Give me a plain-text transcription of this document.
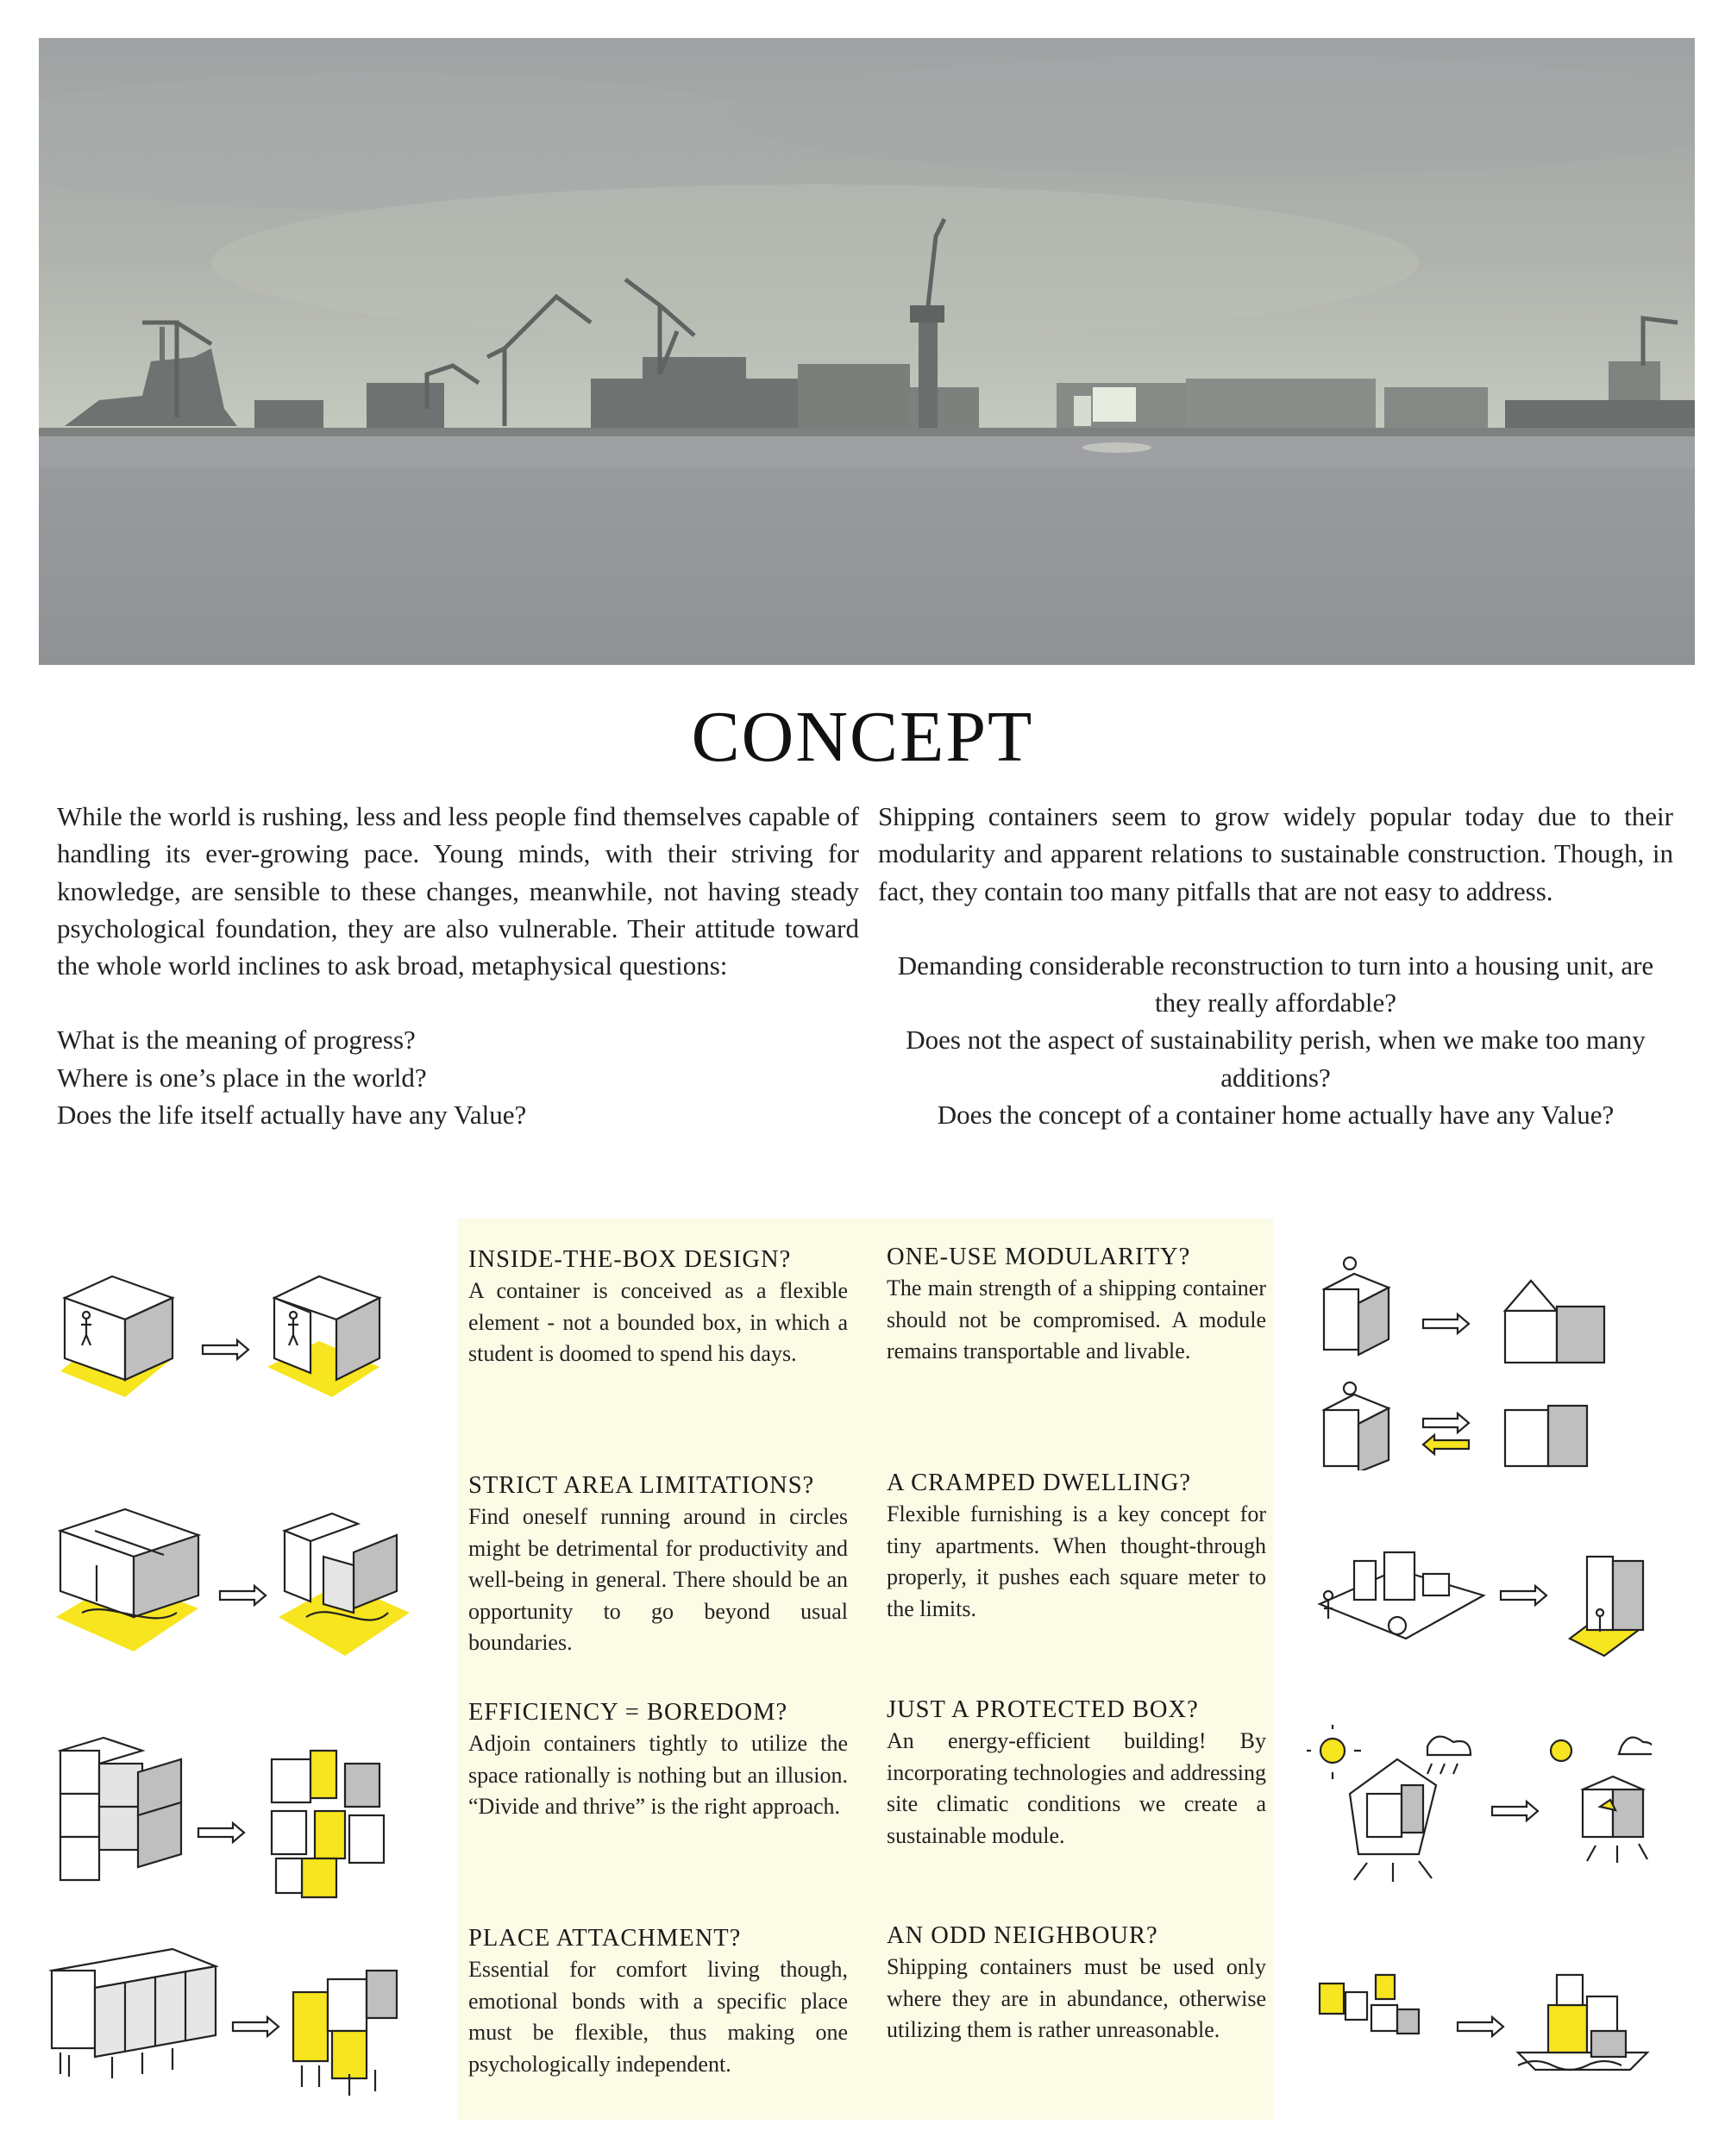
CONCEPT

While the world is rushing, less and less people find themselves capable of handling its ever-growing pace. Young minds, with their striving for knowledge, are sensible to these changes, meanwhile, not having steady psychological foundation, they are also vulnerable. Their attitude toward the whole world inclines to ask broad, metaphysical questions:

What is the meaning of progress?

Where is one’s place in the world?

Does the life itself actually have any Value?

Shipping containers seem to grow widely popular today due to their modularity and apparent relations to sustainable construction. Though, in fact, they contain too many pitfalls that are not easy to address.

Demanding considerable reconstruction to turn into a housing unit, are they really affordable?

Does not the aspect of sustainability perish, when we make too many additions?

Does the concept of a container home actually have any Value?

INSIDE-THE-BOX DESIGN?

A container is conceived as a flexible element - not a bounded box, in which a student is doomed to spend his days.

STRICT AREA LIMITATIONS?

Find oneself running around in circles might be detrimental for productivity and well-being in general. There should be an opportunity to go beyond usual boundaries.

EFFICIENCY = BOREDOM?

Adjoin containers tightly to utilize the space rationally is nothing but an illusion. “Divide and thrive” is the right approach.

PLACE ATTACHMENT?

Essential for comfort living though, emotional bonds with a specific place must be flexible, thus making one psychologically independent.

ONE-USE MODULARITY?

The main strength of a shipping container should not be compromised. A module remains transportable and livable.

A CRAMPED DWELLING?

Flexible furnishing is a key concept for tiny apartments. When thought-through properly, it pushes each square meter to the limits.

JUST A PROTECTED BOX?

An energy-efficient building! By incorporating technologies and addressing site climatic conditions we create a sustainable module.

AN ODD NEIGHBOUR?

Shipping containers must be used only where they are in abundance, otherwise utilizing them is rather unreasonable.
